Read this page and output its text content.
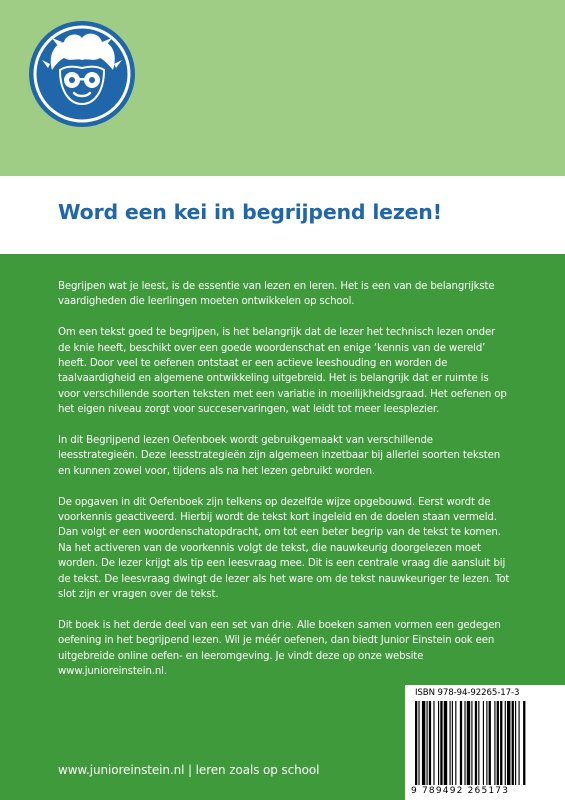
Word een kei in begrijpend lezen!

Begrijpen wat je leest, is de essentie van lezen en leren. Het is een van de belangrijkste vaardigheden die leerlingen moeten ontwikkelen op school.

Om een tekst goed te begrijpen, is het belangrijk dat de lezer het technisch lezen onder de knie heeft, beschikt over een goede woordenschat en enige ‘kennis van de wereld’ heeft. Door veel te oefenen ontstaat er een actieve leeshouding en worden de taalvaardigheid en algemene ontwikkeling uitgebreid. Het is belangrijk dat er ruimte is voor verschillende soorten teksten met een variatie in moeilijkheidsgraad. Het oefenen op het eigen niveau zorgt voor succeservaringen, wat leidt tot meer leesplezier.

In dit Begrijpend lezen Oefenboek wordt gebruikgemaakt van verschillende leesstrategieën. Deze leesstrategieën zijn algemeen inzetbaar bij allerlei soorten teksten en kunnen zowel voor, tijdens als na het lezen gebruikt worden.

De opgaven in dit Oefenboek zijn telkens op dezelfde wijze opgebouwd. Eerst wordt de voorkennis geactiveerd. Hierbij wordt de tekst kort ingeleid en de doelen staan vermeld. Dan volgt er een woordenschatopdracht, om tot een beter begrip van de tekst te komen. Na het activeren van de voorkennis volgt de tekst, die nauwkeurig doorgelezen moet worden. De lezer krijgt als tip een leesvraag mee. Dit is een centrale vraag die aansluit bij de tekst. De leesvraag dwingt de lezer als het ware om de tekst nauwkeuriger te lezen. Tot slot zijn er vragen over de tekst.

Dit boek is het derde deel van een set van drie. Alle boeken samen vormen een gedegen oefening in het begrijpend lezen. Wil je méér oefenen, dan biedt Junior Einstein ook een uitgebreide online oefen- en leeromgeving. Je vindt deze op onze website www.junioreinstein.nl.

www.junioreinstein.nl | leren zoals op school
ISBN 978-94-92265-17-3
9 789492 265173
